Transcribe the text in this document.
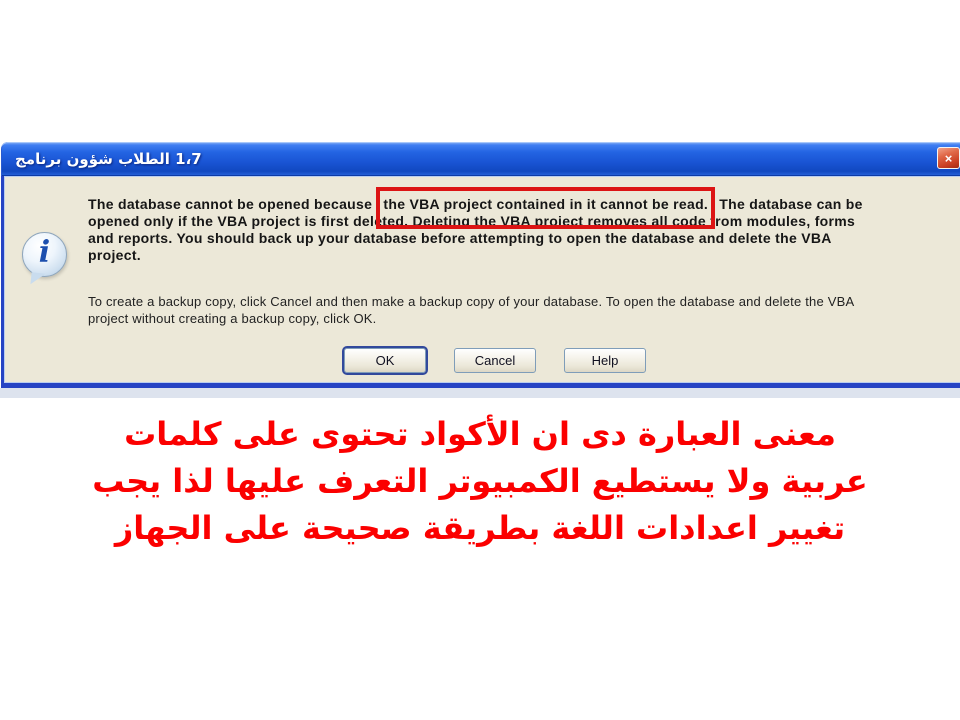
برنامج‎ شؤون‎ الطلاب‎ 1،7	×
i
The database cannot be opened because the VBA project contained in it cannot be read. The database can be
opened only if the VBA project is first deleted. Deleting the VBA project removes all code from modules, forms
and reports. You should back up your database before attempting to open the database and delete the VBA
project.
To create a backup copy, click Cancel and then make a backup copy of your database. To open the database and delete the VBA
project without creating a backup copy, click OK.
OK	Cancel	Help
معنى العبارة دى ان الأكواد تحتوى على كلمات
عربية ولا يستطيع الكمبيوتر التعرف عليها لذا يجب
تغيير اعدادات اللغة بطريقة صحيحة على الجهاز
